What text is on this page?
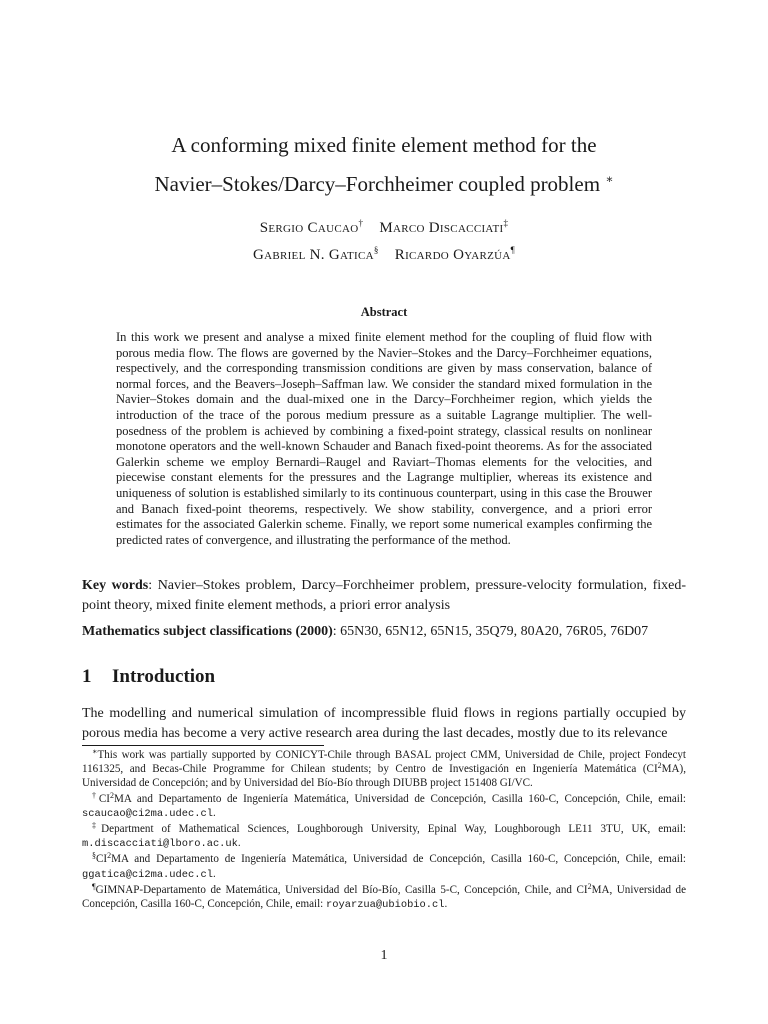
A conforming mixed finite element method for the
Navier–Stokes/Darcy–Forchheimer coupled problem ∗
Sergio Caucao† Marco Discacciati‡
Gabriel N. Gatica§ Ricardo Oyarzúa¶
Abstract

In this work we present and analyse a mixed finite element method for the coupling of fluid flow with porous media flow. The flows are governed by the Navier–Stokes and the Darcy–Forchheimer equations, respectively, and the corresponding transmission conditions are given by mass conservation, balance of normal forces, and the Beavers–Joseph–Saffman law. We consider the standard mixed formulation in the Navier–Stokes domain and the dual-mixed one in the Darcy–Forchheimer region, which yields the introduction of the trace of the porous medium pressure as a suitable Lagrange multiplier. The well-posedness of the problem is achieved by combining a fixed-point strategy, classical results on nonlinear monotone operators and the well-known Schauder and Banach fixed-point theorems. As for the associated Galerkin scheme we employ Bernardi–Raugel and Raviart–Thomas elements for the velocities, and piecewise constant elements for the pressures and the Lagrange multiplier, whereas its existence and uniqueness of solution is established similarly to its continuous counterpart, using in this case the Brouwer and Banach fixed-point theorems, respectively. We show stability, convergence, and a priori error estimates for the associated Galerkin scheme. Finally, we report some numerical examples confirming the predicted rates of convergence, and illustrating the performance of the method.

Key words: Navier–Stokes problem, Darcy–Forchheimer problem, pressure-velocity formulation, fixed-point theory, mixed finite element methods, a priori error analysis

Mathematics subject classifications (2000): 65N30, 65N12, 65N15, 35Q79, 80A20, 76R05, 76D07

1 Introduction

The modelling and numerical simulation of incompressible fluid flows in regions partially occupied by porous media has become a very active research area during the last decades, mostly due to its relevance

∗This work was partially supported by CONICYT-Chile through BASAL project CMM, Universidad de Chile, project Fondecyt 1161325, and Becas-Chile Programme for Chilean students; by Centro de Investigación en Ingeniería Matemática $(CI^2MA)$, Universidad de Concepción; and by Universidad del Bío-Bío through DIUBB project 151408 GI/VC.

$^\dagger CI^2MA$ and Departamento de Ingeniería Matemática, Universidad de Concepción, Casilla 160-C, Concepción, Chile, email: scaucao@ci2ma.udec.cl.

‡Department of Mathematical Sciences, Loughborough University, Epinal Way, Loughborough LE11 3TU, UK, email: m.discacciati@lboro.ac.uk.

$^\S CI^2MA$ and Departamento de Ingeniería Matemática, Universidad de Concepción, Casilla 160-C, Concepción, Chile, email: ggatica@ci2ma.udec.cl.

¶GIMNAP-Departamento de Matemática, Universidad del Bío-Bío, Casilla 5-C, Concepción, Chile, and $CI^2MA$, Universidad de Concepción, Casilla 160-C, Concepción, Chile, email: royarzua@ubiobio.cl.

1
